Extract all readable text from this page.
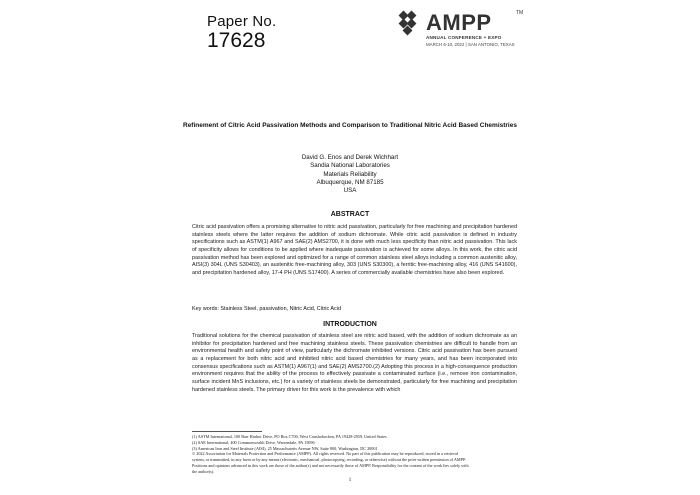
Paper No.
17628
AMPP	TM
ANNUAL CONFERENCE + EXPO
MARCH 6-10, 2022 | SAN ANTONIO, TEXAS
Refinement of Citric Acid Passivation Methods and Comparison to Traditional Nitric Acid Based Chemistries
David G. Enos and Derek Wichhart
Sandia National Laboratories
Materials Reliability
Albuquerque, NM 87185
USA
ABSTRACT
Citric acid passivation offers a promising alternative to nitric acid passivation, particularly for free machining and precipitation hardened stainless steels where the latter requires the addition of sodium dichromate. While citric acid passivation is defined in industry specifications such as ASTM(1) A967 and SAE(2) AMS2700, it is done with much less specificity than nitric acid passivation. This lack of specificity allows for conditions to be applied where inadequate passivation is achieved for some alloys. In this work, the citric acid passivation method has been explored and optimized for a range of common stainless steel alloys including a common austenitic alloy, AISI(3) 304L (UNS S30403), an austenitic free-machining alloy, 303 (UNS S30300), a ferritic free-machining alloy, 416 (UNS S41600), and precipitation hardened alloy, 17-4 PH (UNS S17400). A series of commercially available chemistries have also been explored.
Key words: Stainless Steel, passivation, Nitric Acid, Citric Acid
INTRODUCTION
Traditional solutions for the chemical passivation of stainless steel are nitric acid based, with the addition of sodium dichromate as an inhibitor for precipitation hardened and free machining stainless steels. These passivation chemistries are difficult to handle from an environmental health and safety point of view, particularly the dichromate inhibited versions. Citric acid passivation has been pursued as a replacement for both nitric acid and inhibited nitric acid based chemistries for many years, and has been incorporated into consensus specifications such as ASTM(1) A967(1) and SAE(2) AMS2700.(2) Adopting this process in a high-consequence production environment requires that the ability of the process to effectively passivate a contaminated surface (i.e., remove iron contamination, surface incident MnS inclusions, etc.) for a variety of stainless steels be demonstrated, particularly for free machining and precipitation hardened stainless steels. The primary driver for this work is the prevalence with which
(1) ASTM International, 100 Barr Harbor Drive, PO Box C700, West Conshohocken, PA 19428-2959, United States
(2) SAE International, 400 Commonwealth Drive, Warrendale, PA 15096
(3) American Iron and Steel Institute (AISI), 25 Massachusetts Avenue NW, Suite 800, Washington, DC 20001
© 2022 Association for Materials Protection and Performance (AMPP). All rights reserved. No part of this publication may be reproduced, stored in a retrieval
system, or transmitted, in any form or by any means (electronic, mechanical, photocopying, recording, or otherwise) without the prior written permission of AMPP.
Positions and opinions advanced in this work are those of the author(s) and not necessarily those of AMPP. Responsibility for the content of the work lies solely with
the author(s).
1
